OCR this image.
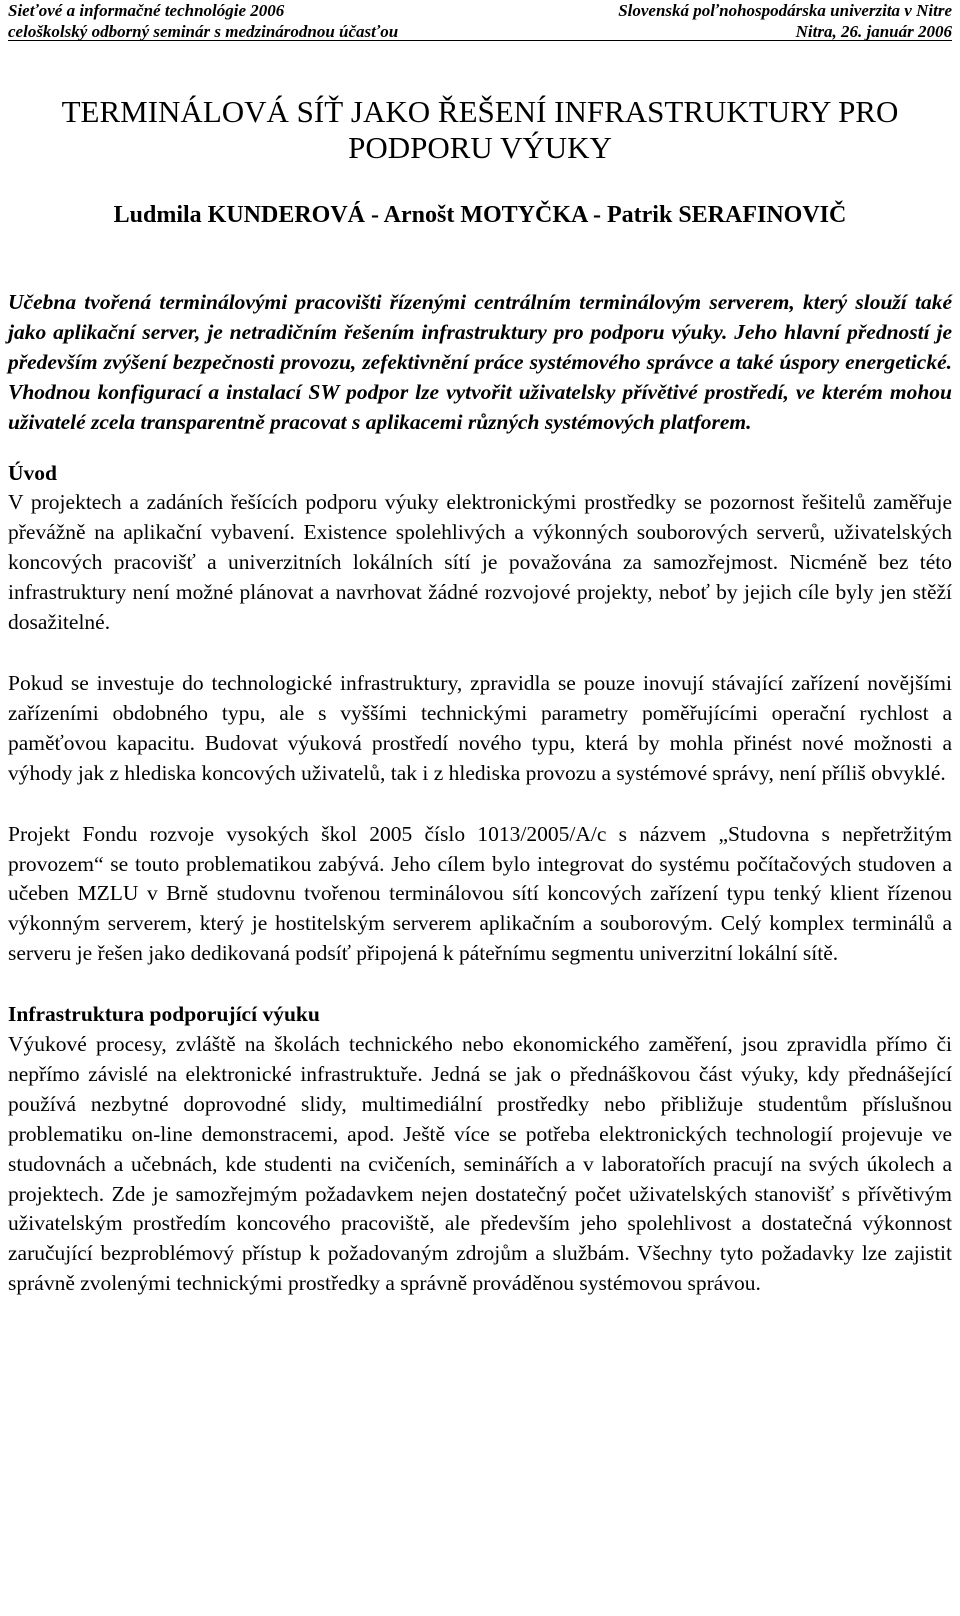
Sieťové a informačné technológie 2006
celoškolský odborný seminár s medzinárodnou účasťou
Slovenská poľnohospodárska univerzita v Nitre
Nitra, 26. január 2006
TERMINÁLOVÁ SÍŤ JAKO ŘEŠENÍ INFRASTRUKTURY PRO
PODPORU VÝUKY

Ludmila KUNDEROVÁ - Arnošt MOTYČKA - Patrik SERAFINOVIČ

Učebna tvořená terminálovými pracovišti řízenými centrálním terminálovým serverem, který slouží také jako aplikační server, je netradičním řešením infrastruktury pro podporu výuky. Jeho hlavní předností je především zvýšení bezpečnosti provozu, zefektivnění práce systémového správce a také úspory energetické. Vhodnou konfigurací a instalací SW podpor lze vytvořit uživatelsky přívětivé prostředí, ve kterém mohou uživatelé zcela transparentně pracovat s aplikacemi různých systémových platforem.

Úvod

V projektech a zadáních řešících podporu výuky elektronickými prostředky se pozornost řešitelů zaměřuje převážně na aplikační vybavení. Existence spolehlivých a výkonných souborových serverů, uživatelských koncových pracovišť a univerzitních lokálních sítí je považována za samozřejmost. Nicméně bez této infrastruktury není možné plánovat a navrhovat žádné rozvojové projekty, neboť by jejich cíle byly jen stěží dosažitelné.

Pokud se investuje do technologické infrastruktury, zpravidla se pouze inovují stávající zařízení novějšími zařízeními obdobného typu, ale s vyššími technickými parametry poměřujícími operační rychlost a paměťovou kapacitu. Budovat výuková prostředí nového typu, která by mohla přinést nové možnosti a výhody jak z hlediska koncových uživatelů, tak i z hlediska provozu a systémové správy, není příliš obvyklé.

Projekt Fondu rozvoje vysokých škol 2005 číslo 1013/2005/A/c s názvem „Studovna s nepřetržitým provozem“ se touto problematikou zabývá. Jeho cílem bylo integrovat do systému počítačových studoven a učeben MZLU v Brně studovnu tvořenou terminálovou sítí koncových zařízení typu tenký klient řízenou výkonným serverem, který je hostitelským serverem aplikačním a souborovým. Celý komplex terminálů a serveru je řešen jako dedikovaná podsíť připojená k páteřnímu segmentu univerzitní lokální sítě.

Infrastruktura podporující výuku

Výukové procesy, zvláště na školách technického nebo ekonomického zaměření, jsou zpravidla přímo či nepřímo závislé na elektronické infrastruktuře. Jedná se jak o přednáškovou část výuky, kdy přednášející používá nezbytné doprovodné slidy, multimediální prostředky nebo přibližuje studentům příslušnou problematiku on-line demonstracemi, apod. Ještě více se potřeba elektronických technologií projevuje ve studovnách a učebnách, kde studenti na cvičeních, seminářích a v laboratořích pracují na svých úkolech a projektech. Zde je samozřejmým požadavkem nejen dostatečný počet uživatelských stanovišť s přívětivým uživatelským prostředím koncového pracoviště, ale především jeho spolehlivost a dostatečná výkonnost zaručující bezproblémový přístup k požadovaným zdrojům a službám. Všechny tyto požadavky lze zajistit správně zvolenými technickými prostředky a správně prováděnou systémovou správou.
